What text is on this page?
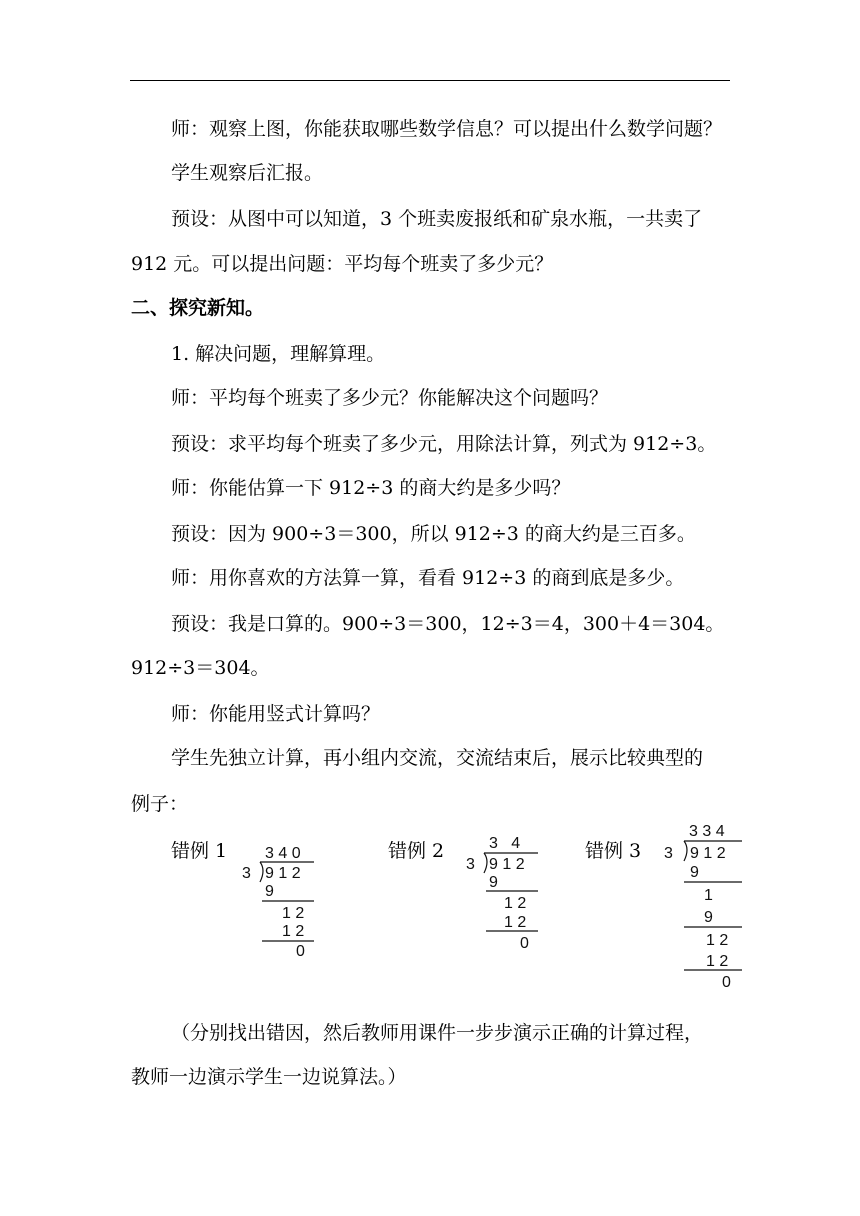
师：观察上图，你能获取哪些数学信息？可以提出什么数学问题？
学生观察后汇报。
预设：从图中可以知道，3 个班卖废报纸和矿泉水瓶，一共卖了
912 元。可以提出问题：平均每个班卖了多少元？
二、探究新知。
1. 解决问题，理解算理。
师：平均每个班卖了多少元？你能解决这个问题吗？
预设：求平均每个班卖了多少元，用除法计算，列式为 912÷3。
师：你能估算一下 912÷3 的商大约是多少吗？
预设：因为 900÷3＝300，所以 912÷3 的商大约是三百多。
师：用你喜欢的方法算一算，看看 912÷3 的商到底是多少。
预设：我是口算的。900÷3＝300，12÷3＝4，300＋4＝304。
912÷3＝304。
师：你能用竖式计算吗？
学生先独立计算，再小组内交流，交流结束后，展示比较典型的
例子：
错例 1 3 4 0
3 9 1 2
9
1 2
1 2
0
错例 2	3   4
3 9 1 2
9
1 2
1 2
0
错例 3
3 3 4
3 9 1 2
9
1
9
1 2
1 2
0
（分别找出错因，然后教师用课件一步步演示正确的计算过程，
教师一边演示学生一边说算法。）
